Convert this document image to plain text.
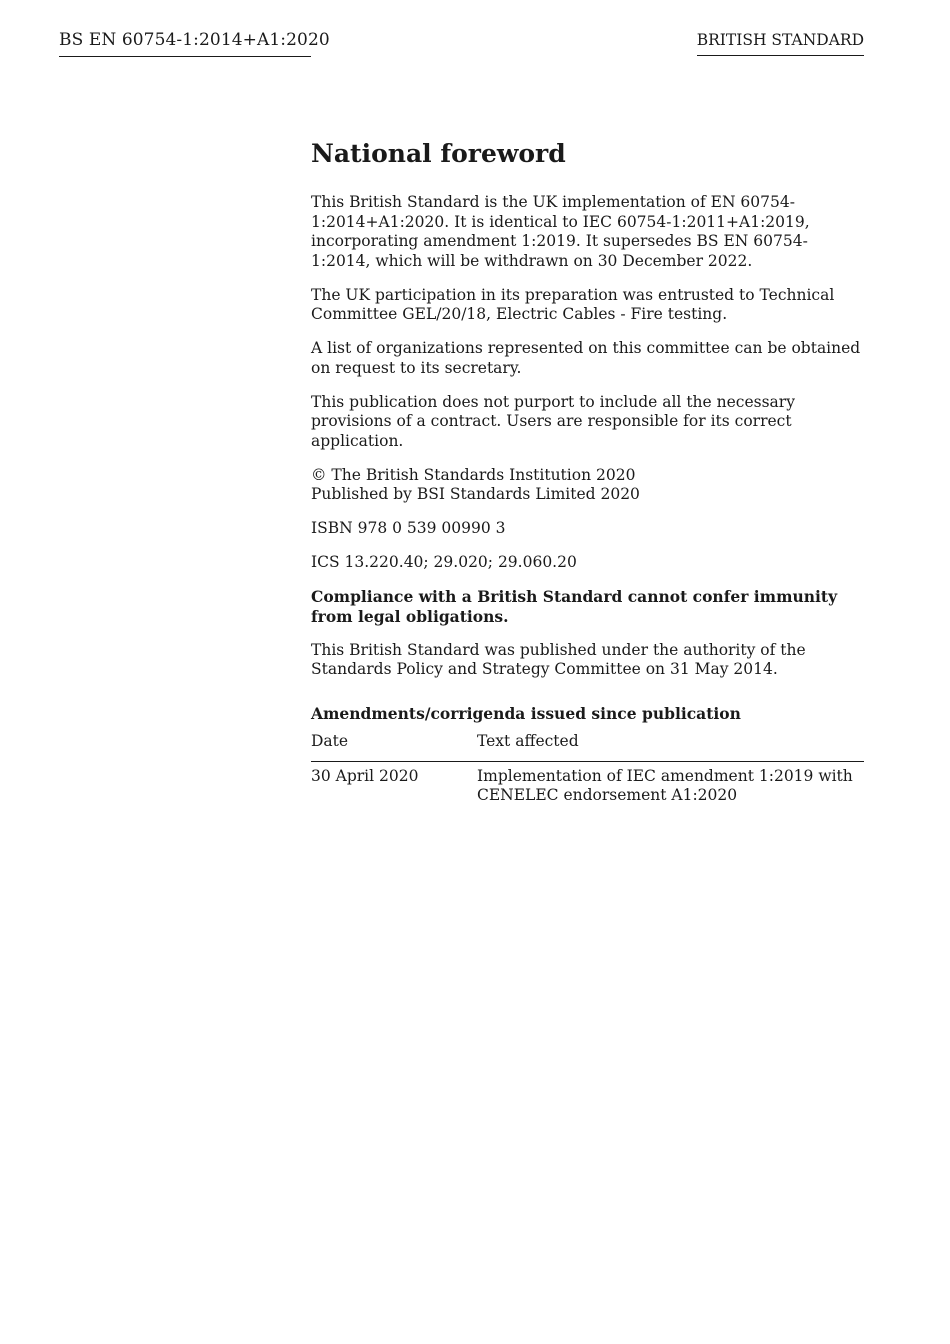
BS EN 60754-1:2014+A1:2020	BRITISH STANDARD
National foreword

This British Standard is the UK implementation of EN 60754-1:2014+A1:2020. It is identical to IEC 60754-1:2011+A1:2019, incorporating amendment 1:2019. It supersedes BS EN 60754-1:2014, which will be withdrawn on 30 December 2022.

The UK participation in its preparation was entrusted to Technical Committee GEL/20/18, Electric Cables - Fire testing.

A list of organizations represented on this committee can be obtained on request to its secretary.

This publication does not purport to include all the necessary provisions of a contract. Users are responsible for its correct application.

© The British Standards Institution 2020
Published by BSI Standards Limited 2020

ISBN 978 0 539 00990 3

ICS 13.220.40; 29.020; 29.060.20

Compliance with a British Standard cannot confer immunity from legal obligations.

This British Standard was published under the authority of the Standards Policy and Strategy Committee on 31 May 2014.

Amendments/corrigenda issued since publication
Date	Text affected
30 April 2020	Implementation of IEC amendment 1:2019 with
CENELEC endorsement A1:2020
